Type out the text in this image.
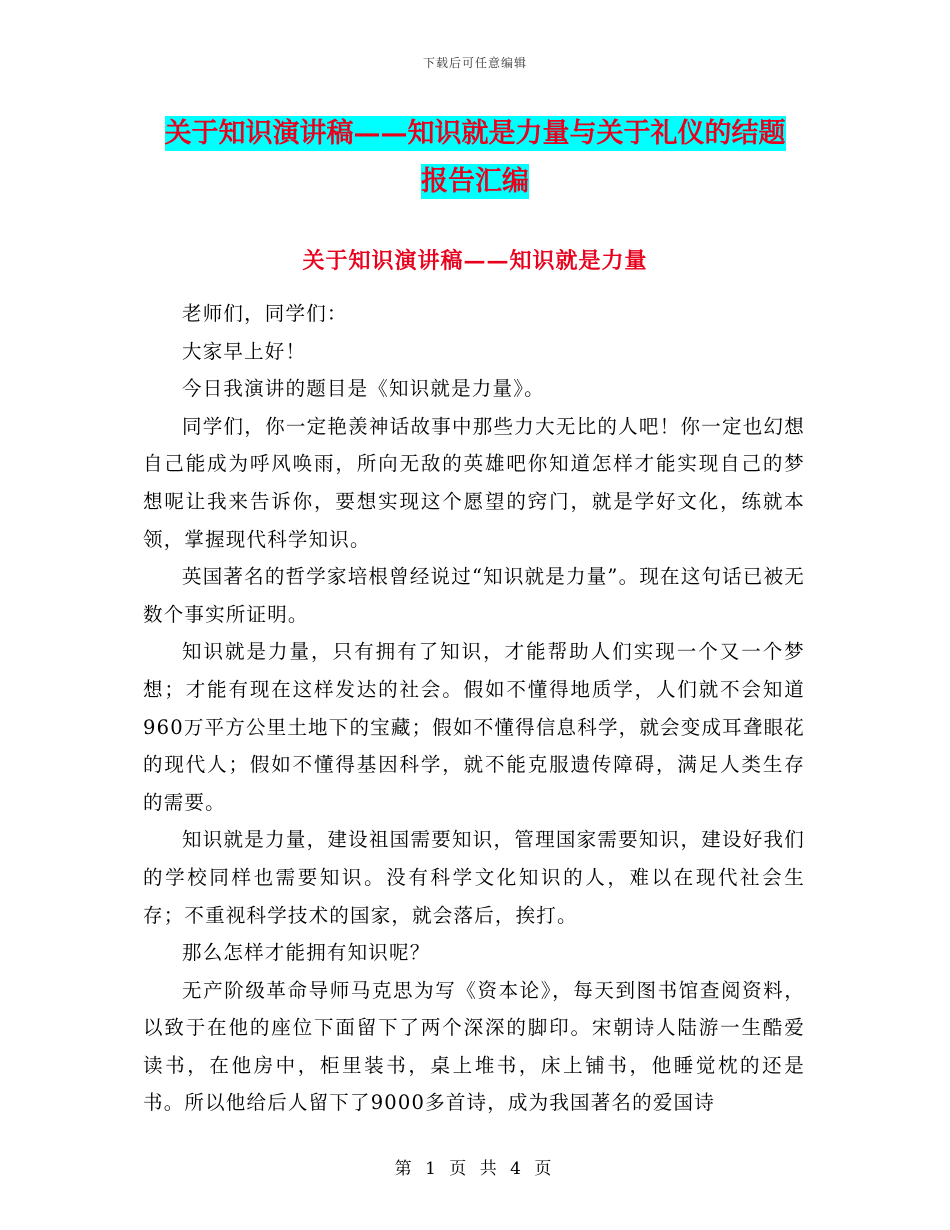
下载后可任意编辑
关于知识演讲稿——知识就是力量与关于礼仪的结题
报告汇编
关于知识演讲稿——知识就是力量

老师们，同学们：

大家早上好！

今日我演讲的题目是《知识就是力量》。

同学们，你一定艳羡神话故事中那些力大无比的人吧！你一定也幻想自己能成为呼风唤雨，所向无敌的英雄吧你知道怎样才能实现自己的梦想呢让我来告诉你，要想实现这个愿望的窍门，就是学好文化，练就本领，掌握现代科学知识。

英国著名的哲学家培根曾经说过“知识就是力量”。现在这句话已被无数个事实所证明。

知识就是力量，只有拥有了知识，才能帮助人们实现一个又一个梦想；才能有现在这样发达的社会。假如不懂得地质学，人们就不会知道960万平方公里土地下的宝藏；假如不懂得信息科学，就会变成耳聋眼花的现代人；假如不懂得基因科学，就不能克服遗传障碍，满足人类生存的需要。

知识就是力量，建设祖国需要知识，管理国家需要知识，建设好我们的学校同样也需要知识。没有科学文化知识的人，难以在现代社会生存；不重视科学技术的国家，就会落后，挨打。

那么怎样才能拥有知识呢？

无产阶级革命导师马克思为写《资本论》，每天到图书馆查阅资料，以致于在他的座位下面留下了两个深深的脚印。宋朝诗人陆游一生酷爱读书，在他房中，柜里装书，桌上堆书，床上铺书，他睡觉枕的还是书。所以他给后人留下了9000多首诗，成为我国著名的爱国诗

第 1 页 共 4 页
